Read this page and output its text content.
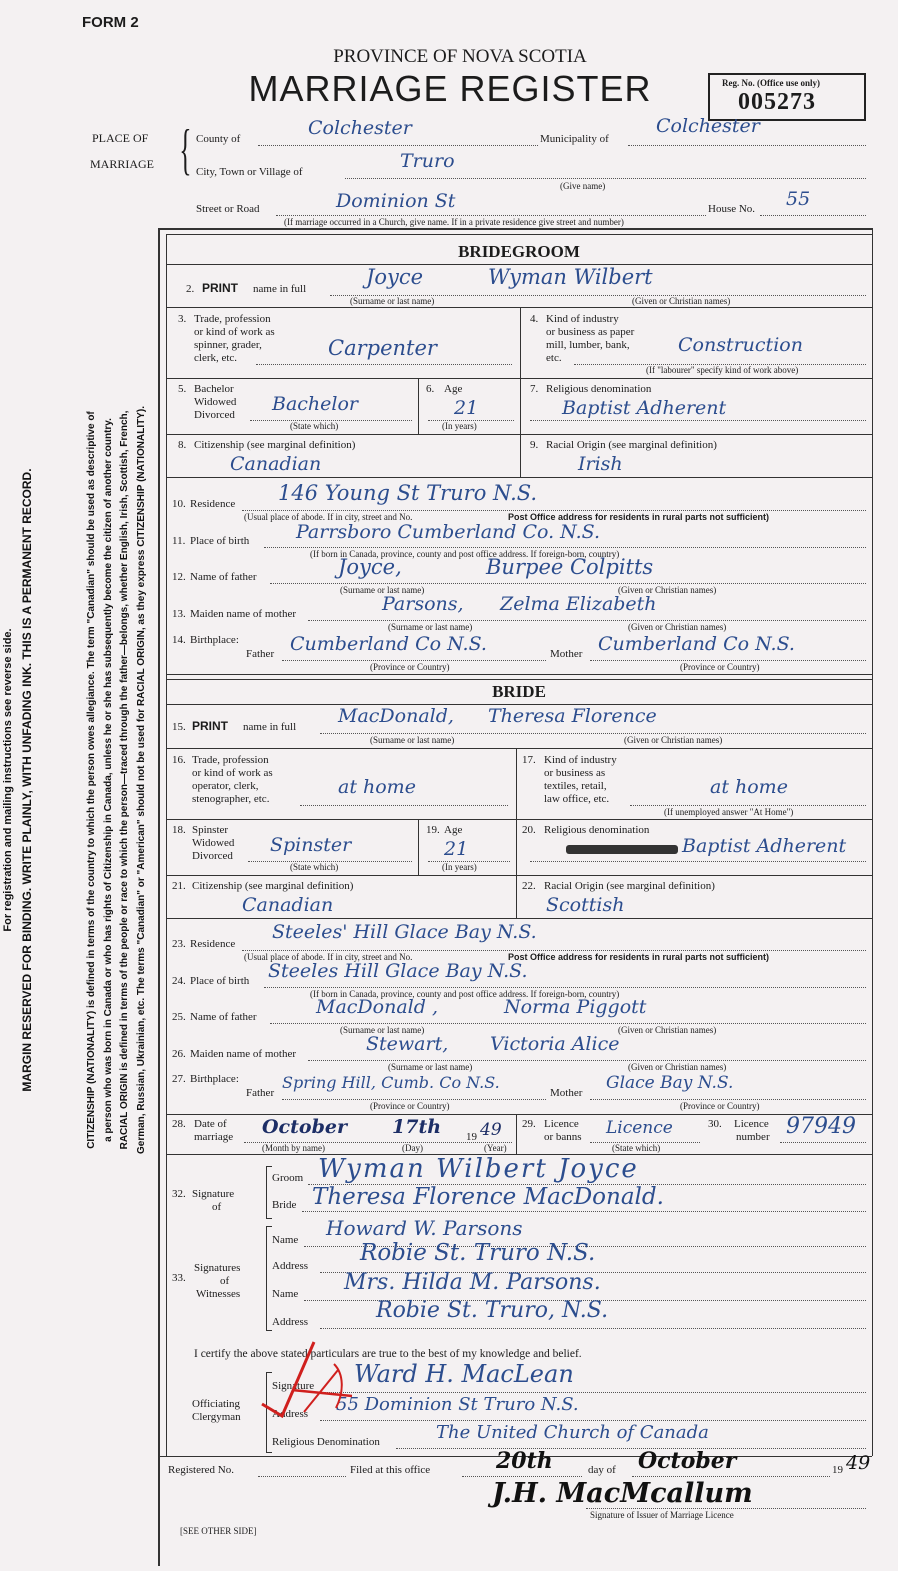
FORM 2
PROVINCE OF NOVA SCOTIA
MARRIAGE REGISTER	Reg. No. (Office use only)
005273
PLACE OF
MARRIAGE { County of	Colchester	Municipality of
Colchester
City, Town or Village of	Truro
(Give name)
Street or Road	Dominion St	House No. 55
(If marriage occurred in a Church, give name. If in a private residence give street and number)
BRIDEGROOM
2. PRINT name in full	Joyce	Wyman Wilbert
(Surname or last name)	(Given or Christian names)
3. Trade, profession
or kind of work as
spinner, grader,
clerk, etc.	Carpenter
4. Kind of industry
or business as paper
mill, lumber, bank,
etc.
Construction
(If "labourer" specify kind of work above)
5. Bachelor
Widowed
Divorced Bachelor
(State which)
6. Age
21
(In years)
7. Religious denomination
Baptist Adherent
8. Citizenship (see marginal definition)
Canadian
9. Racial Origin (see marginal definition)
Irish
10. Residence 146 Young St Truro N.S.
(Usual place of abode. If in city, street and No.	Post Office address for residents in rural parts not sufficient)
11. Place of birth Parrsboro Cumberland Co. N.S.
(If born in Canada, province, county and post office address. If foreign-born, country)
12. Name of father	Joyce,	Burpee Colpitts
(Surname or last name)	(Given or Christian names)
13. Maiden name of mother	Parsons, Zelma Elizabeth
(Surname or last name)	(Given or Christian names)
14. Birthplace:
Father Cumberland Co N.S.	Mother Cumberland Co N.S.
(Province or Country)	(Province or Country)
BRIDE
15. PRINT name in full MacDonald, Theresa Florence
(Surname or last name)	(Given or Christian names)
16. Trade, profession
or kind of work as
operator, clerk,
stenographer, etc.
at home
17. Kind of industry
or business as
textiles, retail,
law office, etc.
at home
(If unemployed answer "At Home")
18. Spinster
Widowed
Divorced Spinster
(State which)
19. Age
21
(In years)
20. Religious denomination
Baptist Adherent
21. Citizenship (see marginal definition)
Canadian
22. Racial Origin (see marginal definition)
Scottish
23. Residence
Steeles' Hill Glace Bay N.S.
(Usual place of abode. If in city, street and No.	Post Office address for residents in rural parts not sufficient)
24. Place of birth Steeles Hill Glace Bay N.S.
(If born in Canada, province, county and post office address. If foreign-born, country)
25. Name of father	MacDonald ,	Norma Piggott
(Surname or last name)	(Given or Christian names)
26. Maiden name of mother	Stewart, Victoria Alice
(Surname or last name)	(Given or Christian names)
27. Birthplace:
Father
Spring Hill, Cumb. Co N.S.
Mother Glace Bay N.S.
(Province or Country)	(Province or Country)
28. Date of
marriage October 17th 19 49
(Month by name)	(Day)	(Year)
29. Licence
or banns Licence
(State which)
30. Licence
number 97949
32. Signature
of
Groom Wyman Wilbert Joyce
Bride Theresa Florence MacDonald.
33.
Signatures
of
Witnesses
Name Howard W. Parsons
Address Robie St. Truro N.S.
Name Mrs. Hilda M. Parsons.
Address	Robie St. Truro, N.S.
I certify the above stated particulars are true to the best of my knowledge and belief.
Officiating
Clergyman
Signature Ward H. MacLean
Address 55 Dominion St Truro N.S.
Religious Denomination	The United Church of Canada
Registered No.	Filed at this office	20th	day of October	19 49
J.H. MacMcallum
Signature of Issuer of Marriage Licence
[SEE OTHER SIDE]
MARGIN RESERVED FOR BINDING. WRITE PLAINLY, WITH UNFADING INK. THIS IS A PERMANENT RECORD.
For registration and mailing instructions see reverse side.	CITIZENSHIP (NATIONALITY) is defined in terms of the country to which the person owes allegiance. The term "Canadian" should be used as descriptive of a person who was born in Canada or who has rights of Citizenship in Canada, unless he or she has subsequently become the citizen of another country. RACIAL ORIGIN is defined in terms of the people or race to which the person—traced through the father—belongs, whether English, Irish, Scottish, French, German, Russian, Ukrainian, etc. The terms "Canadian" or "American" should not be used for RACIAL ORIGIN, as they express CITIZENSHIP (NATIONALITY).
